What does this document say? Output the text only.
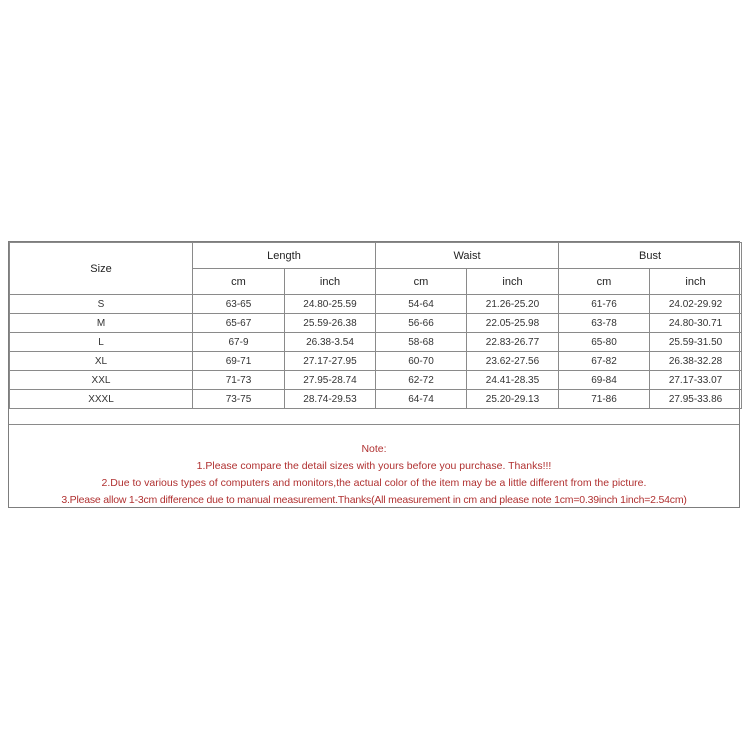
Size	Length		Waist		Bust	
	cm	inch	cm	inch	cm	inch
S	63-65	24.80-25.59	54-64	21.26-25.20	61-76	24.02-29.92
M	65-67	25.59-26.38	56-66	22.05-25.98	63-78	24.80-30.71
L	67-9	26.38-3.54	58-68	22.83-26.77	65-80	25.59-31.50
XL	69-71	27.17-27.95	60-70	23.62-27.56	67-82	26.38-32.28
XXL	71-73	27.95-28.74	62-72	24.41-28.35	69-84	27.17-33.07
XXXL	73-75	28.74-29.53	64-74	25.20-29.13	71-86	27.95-33.86
Note:
1.Please compare the detail sizes with yours before you purchase. Thanks!!!
2.Due to various types of computers and monitors,the actual color of the item may be a little different from the picture.
3.Please allow 1-3cm difference due to manual measurement.Thanks(All measurement in cm and please note 1cm=0.39inch 1inch=2.54cm)
